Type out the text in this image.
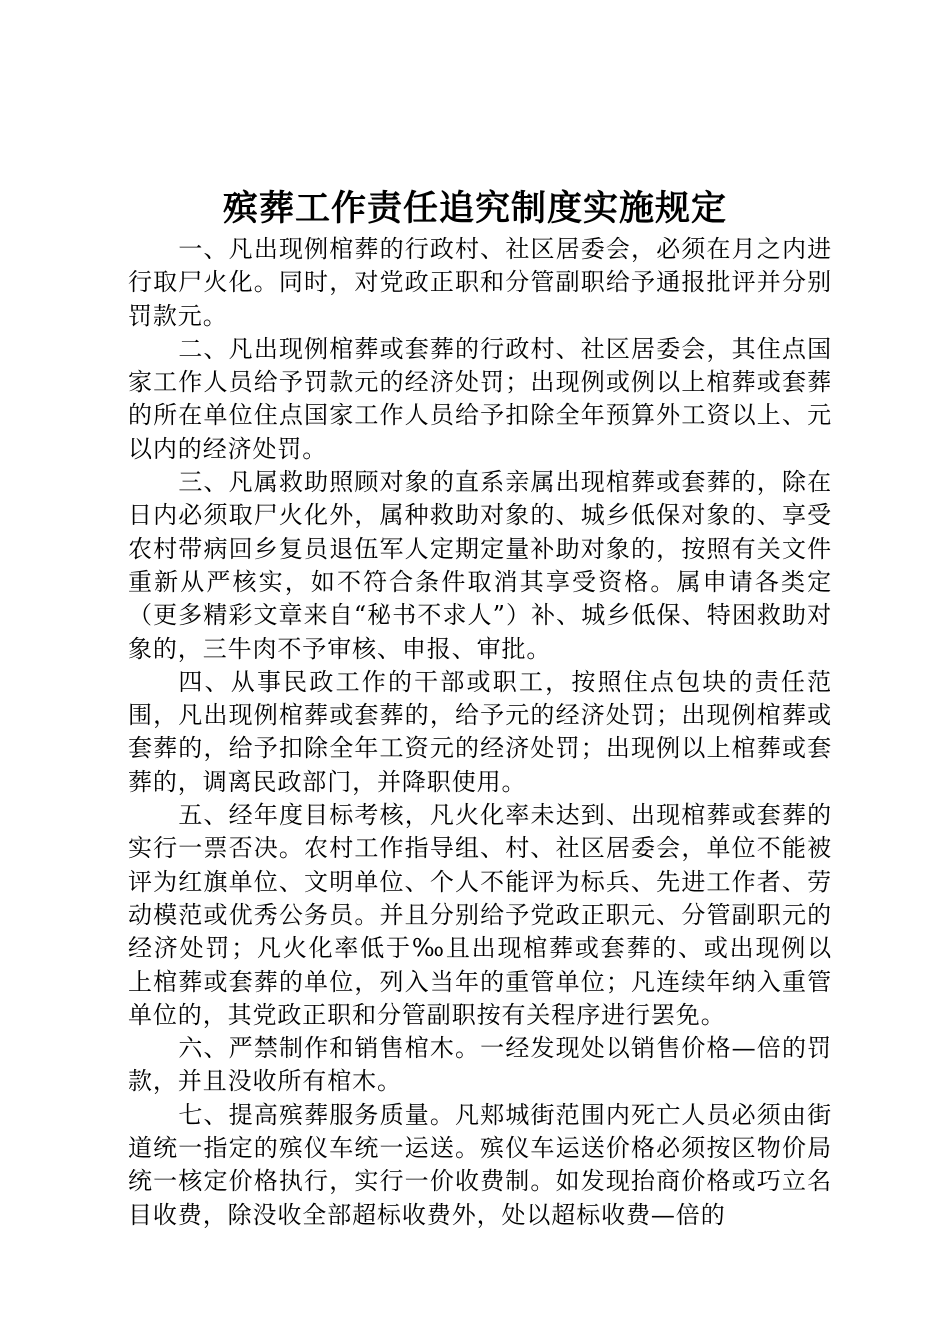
殡葬工作责任追究制度实施规定

一、凡出现例棺葬的行政村、社区居委会，必须在月之内进行取尸火化。同时，对党政正职和分管副职给予通报批评并分别罚款元。

二、凡出现例棺葬或套葬的行政村、社区居委会，其住点国家工作人员给予罚款元的经济处罚；出现例或例以上棺葬或套葬的所在单位住点国家工作人员给予扣除全年预算外工资以上、元以内的经济处罚。

三、凡属救助照顾对象的直系亲属出现棺葬或套葬的，除在日内必须取尸火化外，属种救助对象的、城乡低保对象的、享受农村带病回乡复员退伍军人定期定量补助对象的，按照有关文件重新从严核实，如不符合条件取消其享受资格。属申请各类定（更多精彩文章来自“秘书不求人”）补、城乡低保、特困救助对象的，三牛肉不予审核、申报、审批。

四、从事民政工作的干部或职工，按照住点包块的责任范围，凡出现例棺葬或套葬的，给予元的经济处罚；出现例棺葬或套葬的，给予扣除全年工资元的经济处罚；出现例以上棺葬或套葬的，调离民政部门，并降职使用。

五、经年度目标考核，凡火化率未达到、出现棺葬或套葬的实行一票否决。农村工作指导组、村、社区居委会，单位不能被评为红旗单位、文明单位、个人不能评为标兵、先进工作者、劳动模范或优秀公务员。并且分别给予党政正职元、分管副职元的经济处罚；凡火化率低于‰且出现棺葬或套葬的、或出现例以上棺葬或套葬的单位，列入当年的重管单位；凡连续年纳入重管单位的，其党政正职和分管副职按有关程序进行罢免。

六、严禁制作和销售棺木。一经发现处以销售价格—倍的罚款，并且没收所有棺木。

七、提高殡葬服务质量。凡郏城街范围内死亡人员必须由街道统一指定的殡仪车统一运送。殡仪车运送价格必须按区物价局统一核定价格执行，实行一价收费制。如发现抬商价格或巧立名目收费，除没收全部超标收费外，处以超标收费—倍的
